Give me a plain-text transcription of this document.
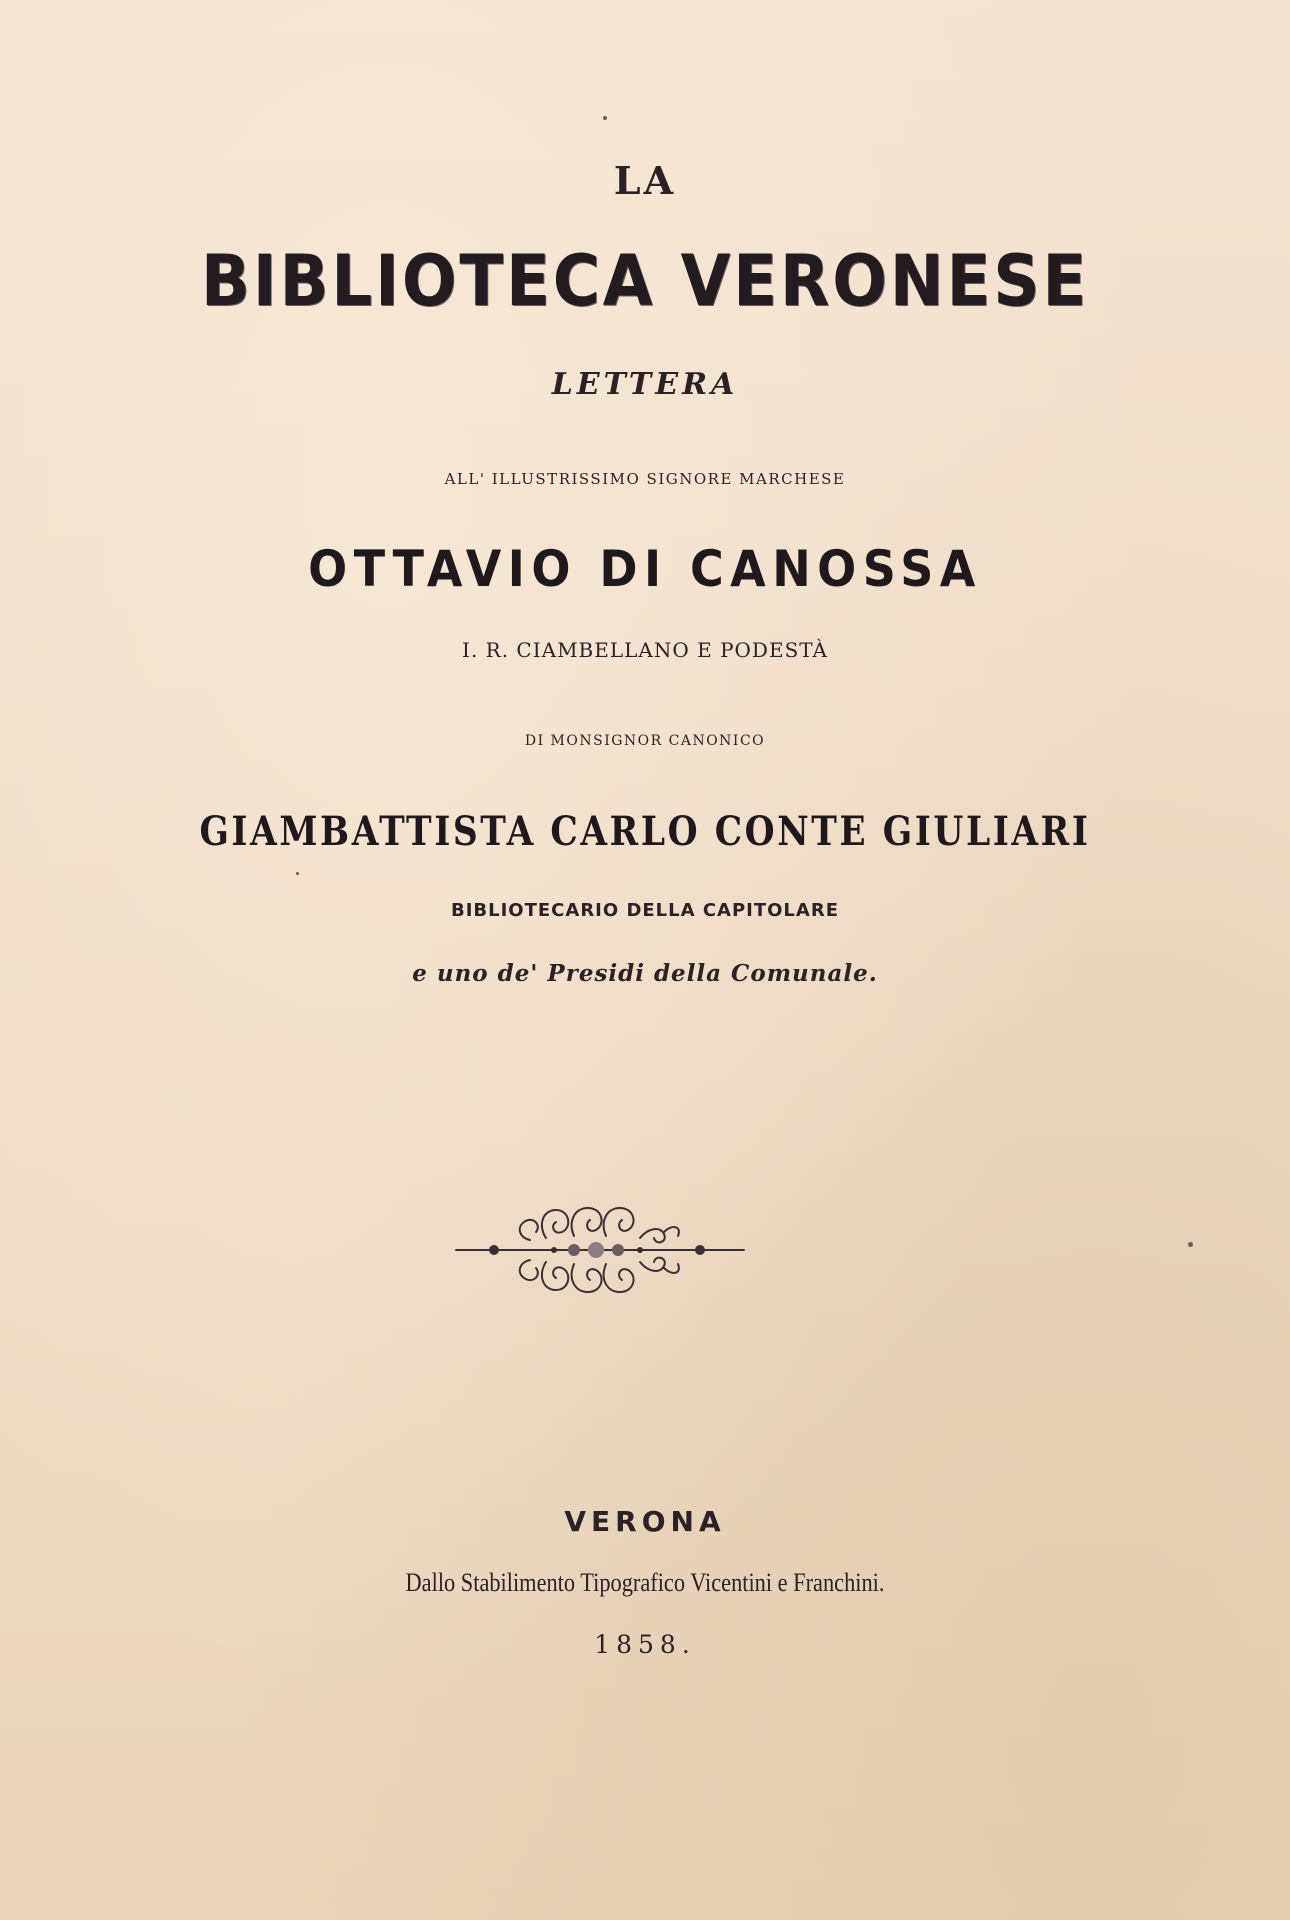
LA
BIBLIOTECA VERONESE
LETTERA
ALL' ILLUSTRISSIMO SIGNORE MARCHESE
OTTAVIO DI CANOSSA
I. R. CIAMBELLANO E PODESTÀ
DI MONSIGNOR CANONICO
GIAMBATTISTA CARLO CONTE GIULIARI
BIBLIOTECARIO DELLA CAPITOLARE
e uno de' Presidi della Comunale.
VERONA
Dallo Stabilimento Tipografico Vicentini e Franchini.
1858.
